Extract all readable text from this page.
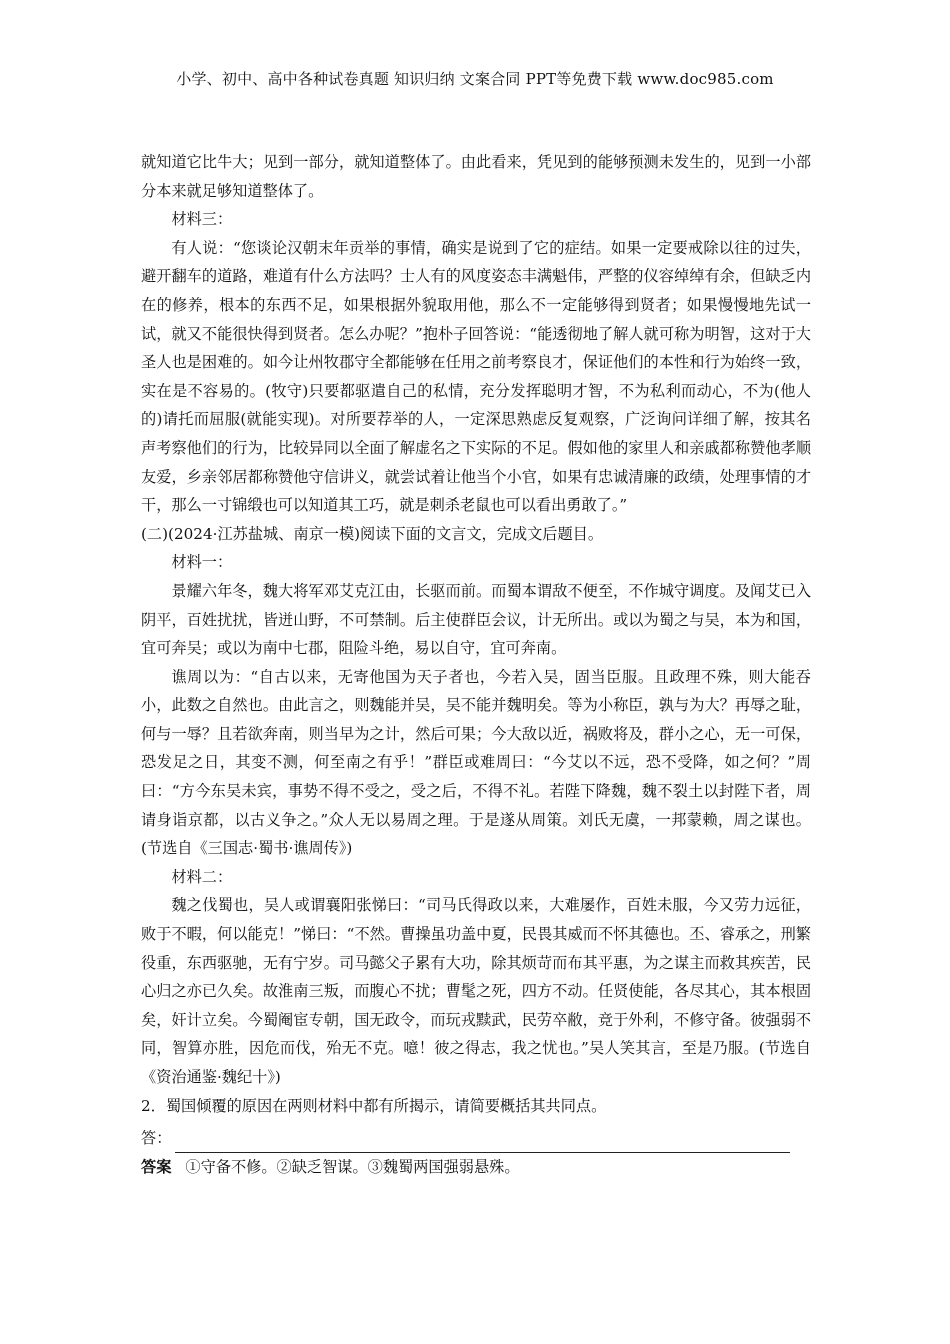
小学、初中、高中各种试卷真题 知识归纳 文案合同 PPT等免费下载 www.doc985.com

就知道它比牛大；见到一部分，就知道整体了。由此看来，凭见到的能够预测未发生的，见到一小部分本来就足够知道整体了。

材料三：

有人说：“您谈论汉朝末年贡举的事情，确实是说到了它的症结。如果一定要戒除以往的过失，避开翻车的道路，难道有什么方法吗？士人有的风度姿态丰满魁伟，严整的仪容绰绰有余，但缺乏内在的修养，根本的东西不足，如果根据外貌取用他，那么不一定能够得到贤者；如果慢慢地先试一试，就又不能很快得到贤者。怎么办呢？”抱朴子回答说：“能透彻地了解人就可称为明智，这对于大圣人也是困难的。如今让州牧郡守全都能够在任用之前考察良才，保证他们的本性和行为始终一致，实在是不容易的。(牧守)只要都驱遣自己的私情，充分发挥聪明才智，不为私利而动心，不为(他人的)请托而屈服(就能实现)。对所要荐举的人，一定深思熟虑反复观察，广泛询问详细了解，按其名声考察他们的行为，比较异同以全面了解虚名之下实际的不足。假如他的家里人和亲戚都称赞他孝顺友爱，乡亲邻居都称赞他守信讲义，就尝试着让他当个小官，如果有忠诚清廉的政绩，处理事情的才干，那么一寸锦缎也可以知道其工巧，就是刺杀老鼠也可以看出勇敢了。”

(二)(2024·江苏盐城、南京一模)阅读下面的文言文，完成文后题目。

材料一：

景耀六年冬，魏大将军邓艾克江由，长驱而前。而蜀本谓敌不便至，不作城守调度。及闻艾已入阴平，百姓扰扰，皆迸山野，不可禁制。后主使群臣会议，计无所出。或以为蜀之与吴，本为和国，宜可奔吴；或以为南中七郡，阻险斗绝，易以自守，宜可奔南。

谯周以为：“自古以来，无寄他国为天子者也，今若入吴，固当臣服。且政理不殊，则大能吞小，此数之自然也。由此言之，则魏能并吴，吴不能并魏明矣。等为小称臣，孰与为大？再辱之耻，何与一辱？且若欲奔南，则当早为之计，然后可果；今大敌以近，祸败将及，群小之心，无一可保，恐发足之日，其变不测，何至南之有乎！”群臣或难周曰：“今艾以不远，恐不受降，如之何？”周曰：“方今东吴未宾，事势不得不受之，受之后，不得不礼。若陛下降魏，魏不裂土以封陛下者，周请身诣京都，以古义争之。”众人无以易周之理。于是遂从周策。刘氏无虞，一邦蒙赖，周之谋也。(节选自《三国志·蜀书·谯周传》)

材料二：

魏之伐蜀也，吴人或谓襄阳张悌曰：“司马氏得政以来，大难屡作，百姓未服，今又劳力远征，败于不暇，何以能克！”悌曰：“不然。曹操虽功盖中夏，民畏其威而不怀其德也。丕、睿承之，刑繁役重，东西驱驰，无有宁岁。司马懿父子累有大功，除其烦苛而布其平惠，为之谋主而救其疾苦，民心归之亦已久矣。故淮南三叛，而腹心不扰；曹髦之死，四方不动。任贤使能，各尽其心，其本根固矣，奸计立矣。今蜀阉宦专朝，国无政令，而玩戎黩武，民劳卒敝，竞于外利，不修守备。彼强弱不同，智算亦胜，因危而伐，殆无不克。噫！彼之得志，我之忧也。”吴人笑其言，至是乃服。(节选自《资治通鉴·魏纪十》)

2．蜀国倾覆的原因在两则材料中都有所揭示，请简要概括其共同点。

答：

答案 ①守备不修。②缺乏智谋。③魏蜀两国强弱悬殊。
